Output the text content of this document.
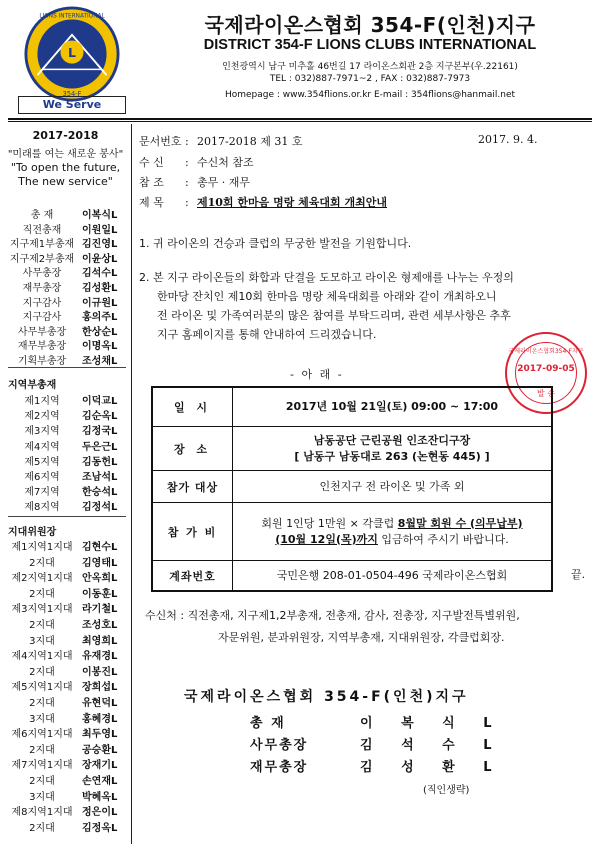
L
LIONS INTERNATIONAL
354-F
We Serve
국제라이온스협회 354-F(인천)지구
DISTRICT 354-F LIONS CLUBS INTERNATIONAL
인천광역시 남구 미추홀 46번길 17 라이온스회관 2층 지구본부(우.22161)
TEL : 032)887-7971~2 , FAX : 032)887-7973
Homepage : www.354flions.or.kr E-mail : 354flions@hanmail.net
2017-2018
"미래를 여는 새로운 봉사"
"To open the future,
The new service"
총 재	이복식L
직전총재	이원일L
지구제1부총재 김진영L
지구제2부총재 이윤상L
사무총장	김석수L
재무총장	김성환L
지구감사	이규원L
지구감사	홍의주L
사무부총장	한상순L
재무부총장	이명옥L
기획부총장	조성채L
지역부총재
제1지역	이덕교L
제2지역	김순옥L
제3지역	김정국L
제4지역	두은근L
제5지역	김동헌L
제6지역	조남석L
제7지역	한승석L
제8지역	김정석L
지대위원장
제1지역1지대 김현수L
2지대	김영태L
제2지역1지대 안옥희L
2지대	이동훈L
제3지역1지대 라기철L
2지대	조성호L
3지대	최영희L
제4지역1지대 유재경L
2지대	이봉진L
제5지역1지대 장희섭L
2지대	유현덕L
3지대	홍혜경L
제6지역1지대 최두영L
2지대	공승환L
제7지역1지대 장재기L
2지대	손연재L
3지대	박혜옥L
제8지역1지대 정은이L
2지대	김정옥L
문서번호 : 2017-2018 제 31 호	2017. 9. 4.
수 신 : 수신처 참조
참 조 : 총무 · 재무
제 목 : 제10회 한마음 명랑 체육대회 개최안내
1. 귀 라이온의 건승과 클럽의 무궁한 발전을 기원합니다.
2. 본 지구 라이온들의 화합과 단결을 도모하고 라이온 형제애를 나누는 우정의
한마당 잔치인 제10회 한마음 명랑 체육대회를 아래와 같이 개최하오니
전 라이온 및 가족여러분의 많은 참여를 부탁드리며, 관련 세부사항은 추후
지구 홈페이지를 통해 안내하여 드리겠습니다.
국제라이온스협회354-F지구
2017-09-05
발 송
- 아 래 -
일 시	2017년 10월 21일(토) 09:00 ~ 17:00
장 소
남동공단 근린공원 인조잔디구장
[ 남동구 남동대로 263 (논현동 445) ]
참가 대상	인천지구 전 라이온 및 가족 외
참 가 비
회원 1인당 1만원 × 각클럽 8월말 회원 수 (의무납부)
(10월 12일(목)까지 입금하여 주시기 바랍니다.
계좌번호	국민은행 208-01-0504-496 국제라이온스협회	끝.
수신처 : 직전총재, 지구제1,2부총재, 전총재, 감사, 전총장, 지구발전특별위원,
자문위원, 분과위원장, 지역부총재, 지대위원장, 각클럽회장.
국제라이온스협회 354-F(인천)지구
총 재	이 복 식 L
사무총장	김 석 수 L
재무총장	김 성 환 L
(직인생략)
